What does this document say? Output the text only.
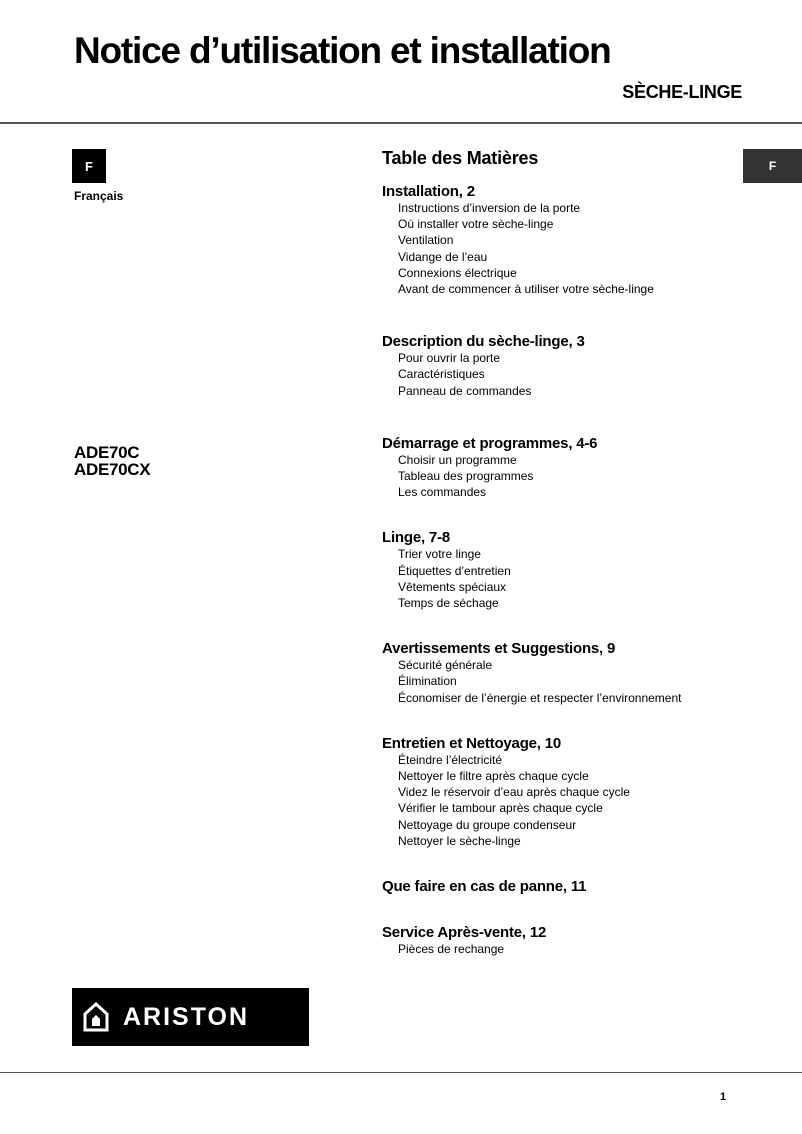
Notice d’utilisation et installation
SÈCHE-LINGE
F
Français
F
ADE70C
ADE70CX
Table des Matières
Installation, 2
Instructions d’inversion de la porte
Où installer votre sèche-linge
Ventilation
Vidange de l’eau
Connexions électrique
Avant de commencer à utiliser votre sèche-linge
Description du sèche-linge, 3
Pour ouvrir la porte
Caractéristiques
Panneau de commandes
Démarrage et programmes, 4-6
Choisir un programme
Tableau des programmes
Les commandes
Linge, 7-8
Trier votre linge
Étiquettes d’entretien
Vêtements spéciaux
Temps de séchage
Avertissements et Suggestions, 9
Sécurité générale
Élimination
Économiser de l’énergie et respecter l’environnement
Entretien et Nettoyage, 10
Éteindre l’électricité
Nettoyer le filtre après chaque cycle
Videz le réservoir d’eau après chaque cycle
Vérifier le tambour après chaque cycle
Nettoyage du groupe condenseur
Nettoyer le sèche-linge
Que faire en cas de panne, 11
Service Après-vente, 12
Pièces de rechange
ARISTON
1
